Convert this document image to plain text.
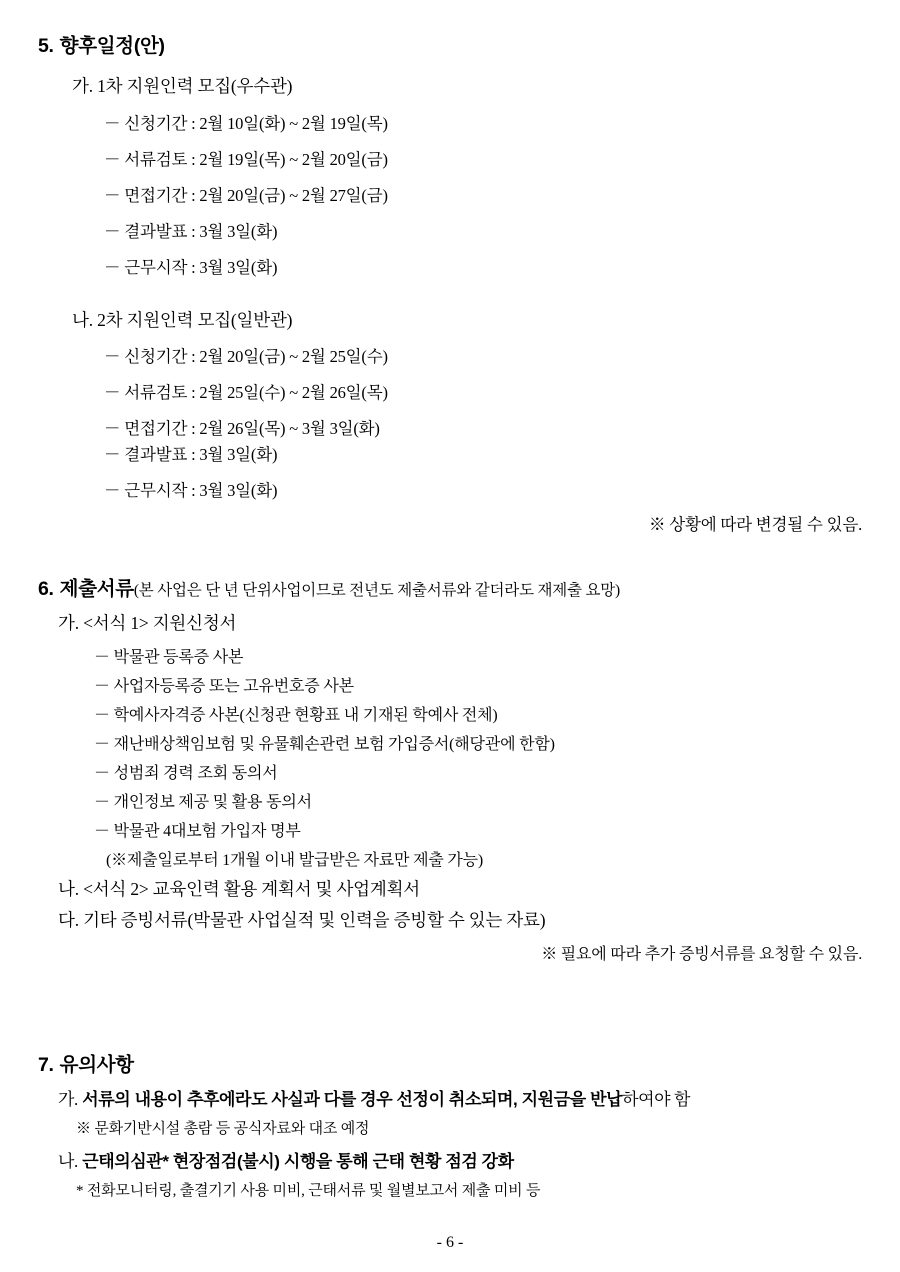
5. 향후일정(안)
가. 1차 지원인력 모집(우수관)
－ 신청기간 : 2월 10일(화) ~ 2월 19일(목)
－ 서류검토 : 2월 19일(목) ~ 2월 20일(금)
－ 면접기간 : 2월 20일(금) ~ 2월 27일(금)
－ 결과발표 : 3월 3일(화)
－ 근무시작 : 3월 3일(화)
나. 2차 지원인력 모집(일반관)
－ 신청기간 : 2월 20일(금) ~ 2월 25일(수)
－ 서류검토 : 2월 25일(수) ~ 2월 26일(목)
－ 면접기간 : 2월 26일(목) ~ 3월 3일(화)
－ 결과발표 : 3월 3일(화)
－ 근무시작 : 3월 3일(화)
※ 상황에 따라 변경될 수 있음.
6. 제출서류(본 사업은 단 년 단위사업이므로 전년도 제출서류와 같더라도 재제출 요망)
가. <서식 1> 지원신청서
－ 박물관 등록증 사본
－ 사업자등록증 또는 고유번호증 사본
－ 학예사자격증 사본(신청관 현황표 내 기재된 학예사 전체)
－ 재난배상책임보험 및 유물훼손관련 보험 가입증서(해당관에 한함)
－ 성범죄 경력 조회 동의서
－ 개인정보 제공 및 활용 동의서
－ 박물관 4대보험 가입자 명부
(※제출일로부터 1개월 이내 발급받은 자료만 제출 가능)
나. <서식 2> 교육인력 활용 계획서 및 사업계획서
다. 기타 증빙서류(박물관 사업실적 및 인력을 증빙할 수 있는 자료)
※ 필요에 따라 추가 증빙서류를 요청할 수 있음.
7. 유의사항
가. 서류의 내용이 추후에라도 사실과 다를 경우 선정이 취소되며, 지원금을 반납하여야 함
※ 문화기반시설 총람 등 공식자료와 대조 예정
나. 근태의심관* 현장점검(불시) 시행을 통해 근태 현황 점검 강화
* 전화모니터링, 출결기기 사용 미비, 근태서류 및 월별보고서 제출 미비 등
- 6 -
